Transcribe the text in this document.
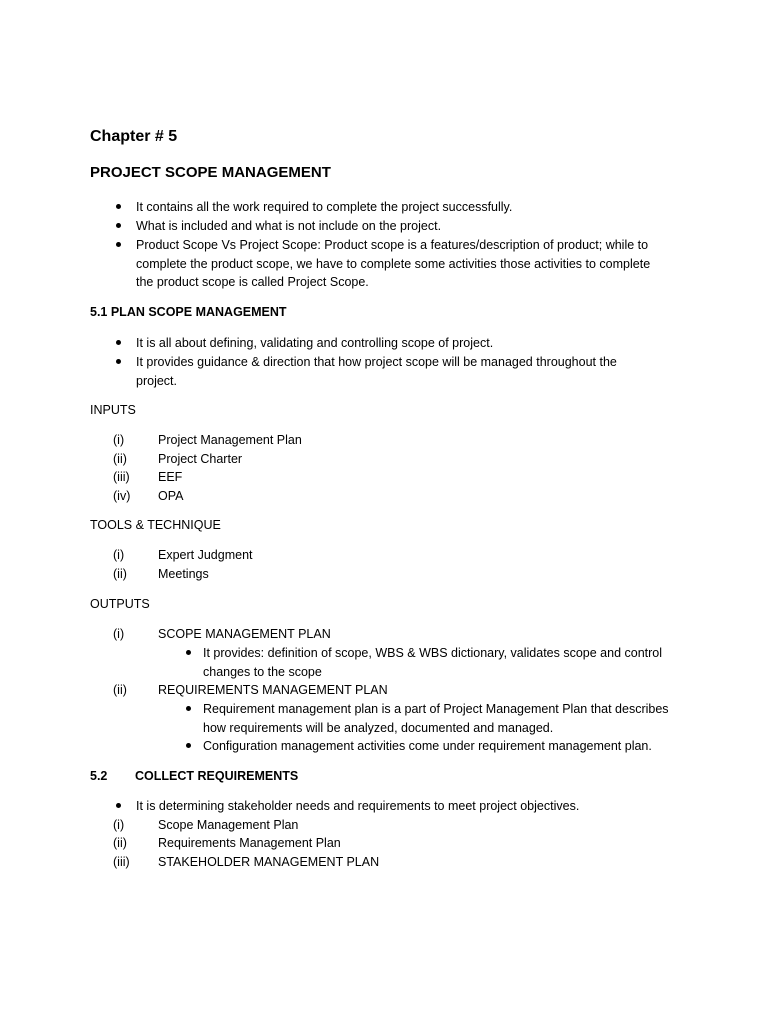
Chapter # 5
PROJECT SCOPE MANAGEMENT
It contains all the work required to complete the project successfully.
What is included and what is not include on the project.
Product Scope Vs Project Scope: Product scope is a features/description of product; while to
complete the product scope, we have to complete some activities those activities to complete
the product scope is called Project Scope.
5.1 PLAN SCOPE MANAGEMENT
It is all about defining, validating and controlling scope of project.
It provides guidance & direction that how project scope will be managed throughout the
project.
INPUTS
(i)	Project Management Plan
(ii) Project Charter
(iii) EEF
(iv) OPA
TOOLS & TECHNIQUE
(i)	Expert Judgment
(ii) Meetings
OUTPUTS
(i)	SCOPE MANAGEMENT PLAN
It provides: definition of scope, WBS & WBS dictionary, validates scope and control
changes to the scope
(ii) REQUIREMENTS MANAGEMENT PLAN
Requirement management plan is a part of Project Management Plan that describes
how requirements will be analyzed, documented and managed.
Configuration management activities come under requirement management plan.
5.2 COLLECT REQUIREMENTS
It is determining stakeholder needs and requirements to meet project objectives.
(i)	Scope Management Plan
(ii) Requirements Management Plan
(iii) STAKEHOLDER MANAGEMENT PLAN
